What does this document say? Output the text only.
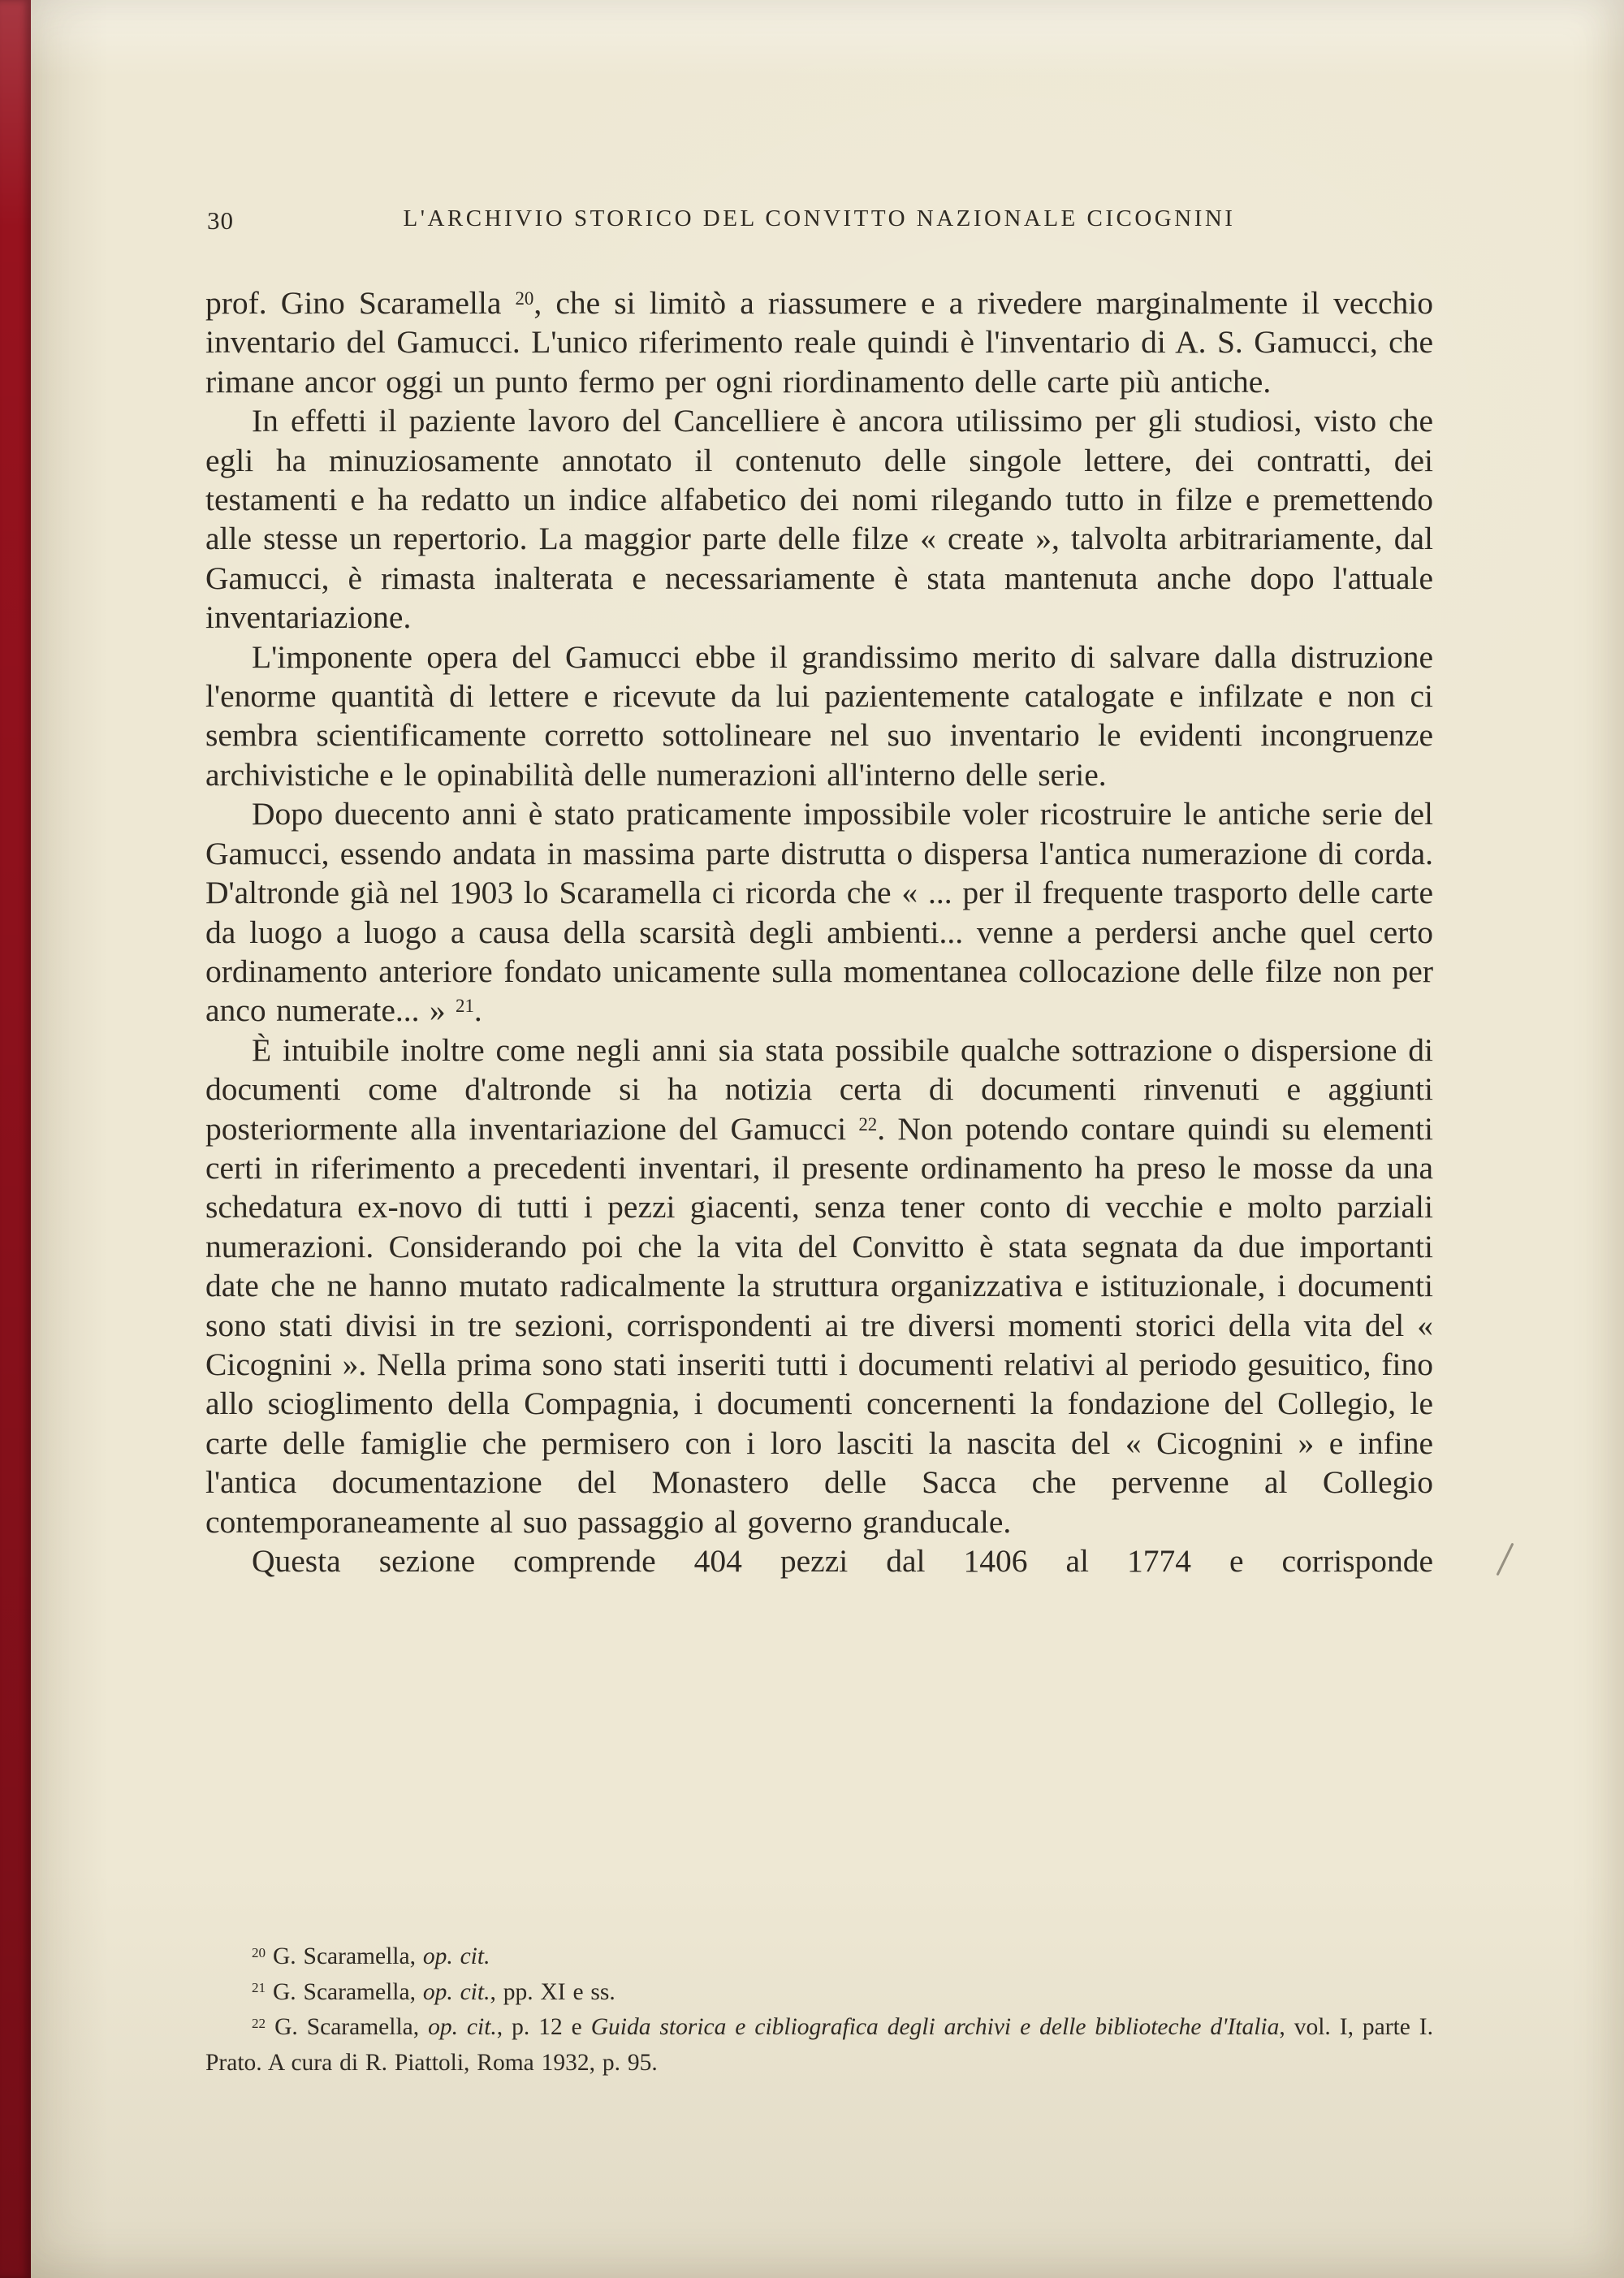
30	L'ARCHIVIO STORICO DEL CONVITTO NAZIONALE CICOGNINI

prof. Gino Scaramella $^{20}$, che si limitò a riassumere e a rivedere marginalmente il vecchio inventario del Gamucci. L'unico riferimento reale quindi è l'inventario di A. S. Gamucci, che rimane ancor oggi un punto fermo per ogni riordinamento delle carte più antiche.

In effetti il paziente lavoro del Cancelliere è ancora utilissimo per gli studiosi, visto che egli ha minuziosamente annotato il contenuto delle singole lettere, dei contratti, dei testamenti e ha redatto un indice alfabetico dei nomi rilegando tutto in filze e premettendo alle stesse un repertorio. La maggior parte delle filze « create », talvolta arbitrariamente, dal Gamucci, è rimasta inalterata e necessariamente è stata mantenuta anche dopo l'attuale inventariazione.

L'imponente opera del Gamucci ebbe il grandissimo merito di salvare dalla distruzione l'enorme quantità di lettere e ricevute da lui pazientemente catalogate e infilzate e non ci sembra scientificamente corretto sottolineare nel suo inventario le evidenti incongruenze archivistiche e le opinabilità delle numerazioni all'interno delle serie.

Dopo duecento anni è stato praticamente impossibile voler ricostruire le antiche serie del Gamucci, essendo andata in massima parte distrutta o dispersa l'antica numerazione di corda. D'altronde già nel 1903 lo Scaramella ci ricorda che « ... per il frequente trasporto delle carte da luogo a luogo a causa della scarsità degli ambienti... venne a perdersi anche quel certo ordinamento anteriore fondato unicamente sulla momentanea collocazione delle filze non per anco numerate... » $^{21}$.

È intuibile inoltre come negli anni sia stata possibile qualche sottrazione o dispersione di documenti come d'altronde si ha notizia certa di documenti rinvenuti e aggiunti posteriormente alla inventariazione del Gamucci $^{22}$. Non potendo contare quindi su elementi certi in riferimento a precedenti inventari, il presente ordinamento ha preso le mosse da una schedatura ex-novo di tutti i pezzi giacenti, senza tener conto di vecchie e molto parziali numerazioni. Considerando poi che la vita del Convitto è stata segnata da due importanti date che ne hanno mutato radicalmente la struttura organizzativa e istituzionale, i documenti sono stati divisi in tre sezioni, corrispondenti ai tre diversi momenti storici della vita del « Cicognini ». Nella prima sono stati inseriti tutti i documenti relativi al periodo gesuitico, fino allo scioglimento della Compagnia, i documenti concernenti la fondazione del Collegio, le carte delle famiglie che permisero con i loro lasciti la nascita del « Cicognini » e infine l'antica documentazione del Monastero delle Sacca che pervenne al Collegio contemporaneamente al suo passaggio al governo granducale.

Questa sezione comprende 404 pezzi dal 1406 al 1774 e corrisponde

$^{20}$ G. Scaramella, op. cit.

$^{21}$ G. Scaramella, op. cit., pp. XI e ss.

$^{22}$ G. Scaramella, op. cit., p. 12 e Guida storica e cibliografica degli archivi e delle biblioteche d'Italia, vol. I, parte I. Prato. A cura di R. Piattoli, Roma 1932, p. 95.
